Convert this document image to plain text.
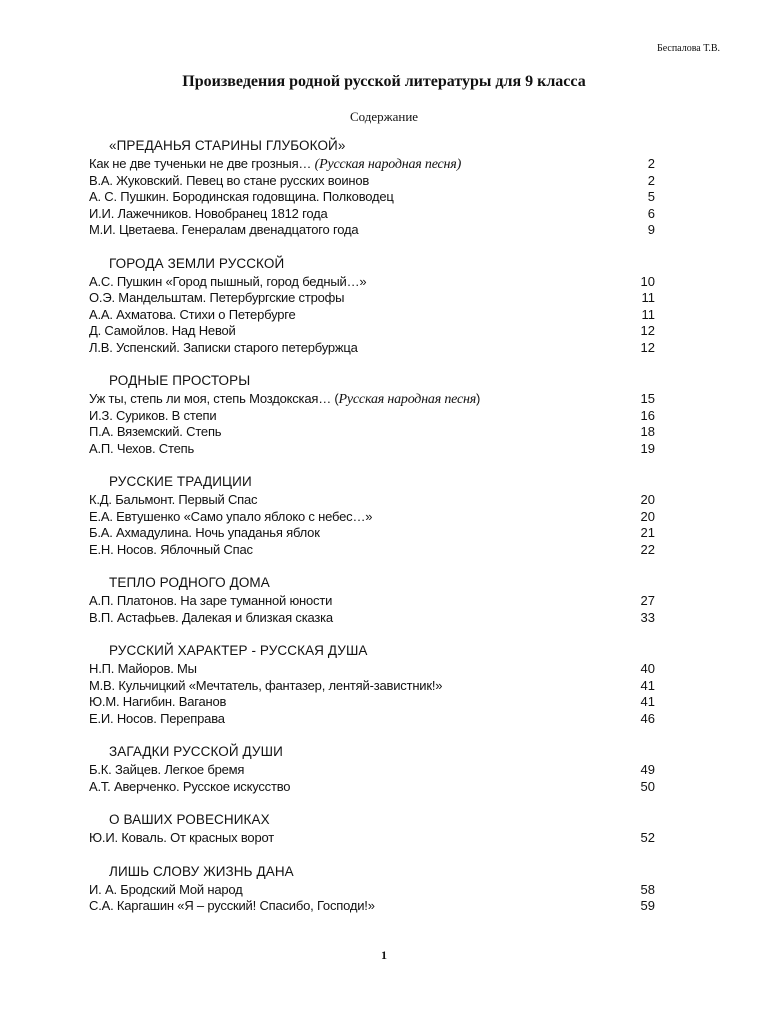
Беспалова Т.В.
Произведения родной русской литературы для 9 класса
Содержание
«ПРЕДАНЬЯ СТАРИНЫ ГЛУБОКОЙ»
Как не две тученьки не две грозныя… (Русская народная песня)	2
В.А. Жуковский. Певец во стане русских воинов	2
А. С. Пушкин. Бородинская годовщина. Полководец	5
И.И. Лажечников. Новобранец 1812 года	6
М.И. Цветаева. Генералам двенадцатого года	9
ГОРОДА ЗЕМЛИ РУССКОЙ
А.С. Пушкин «Город пышный, город бедный…»	10
О.Э. Мандельштам. Петербургские строфы	11
А.А. Ахматова. Стихи о Петербурге	11
Д. Самойлов. Над Невой	12
Л.В. Успенский. Записки старого петербуржца	12
РОДНЫЕ ПРОСТОРЫ
Уж ты, степь ли моя, степь Моздокская… (Русская народная песня)	15
И.З. Суриков. В степи	16
П.А. Вяземский. Степь	18
А.П. Чехов. Степь	19
РУССКИЕ ТРАДИЦИИ
К.Д. Бальмонт. Первый Спас	20
Е.А. Евтушенко «Само упало яблоко с небес…»	20
Б.А. Ахмадулина. Ночь упаданья яблок	21
Е.Н. Носов. Яблочный Спас	22
ТЕПЛО РОДНОГО ДОМА
А.П. Платонов. На заре туманной юности	27
В.П. Астафьев. Далекая и близкая сказка	33
РУССКИЙ ХАРАКТЕР - РУССКАЯ ДУША
Н.П. Майоров. Мы	40
М.В. Кульчицкий «Мечтатель, фантазер, лентяй-завистник!»	41
Ю.М. Нагибин. Ваганов	41
Е.И. Носов. Переправа	46
ЗАГАДКИ РУССКОЙ ДУШИ
Б.К. Зайцев. Легкое бремя	49
А.Т. Аверченко. Русское искусство	50
О ВАШИХ РОВЕСНИКАХ
Ю.И. Коваль. От красных ворот	52
ЛИШЬ СЛОВУ ЖИЗНЬ ДАНА
И. А. Бродский Мой народ	58
С.А. Каргашин «Я – русский! Спасибо, Господи!»	59
1
